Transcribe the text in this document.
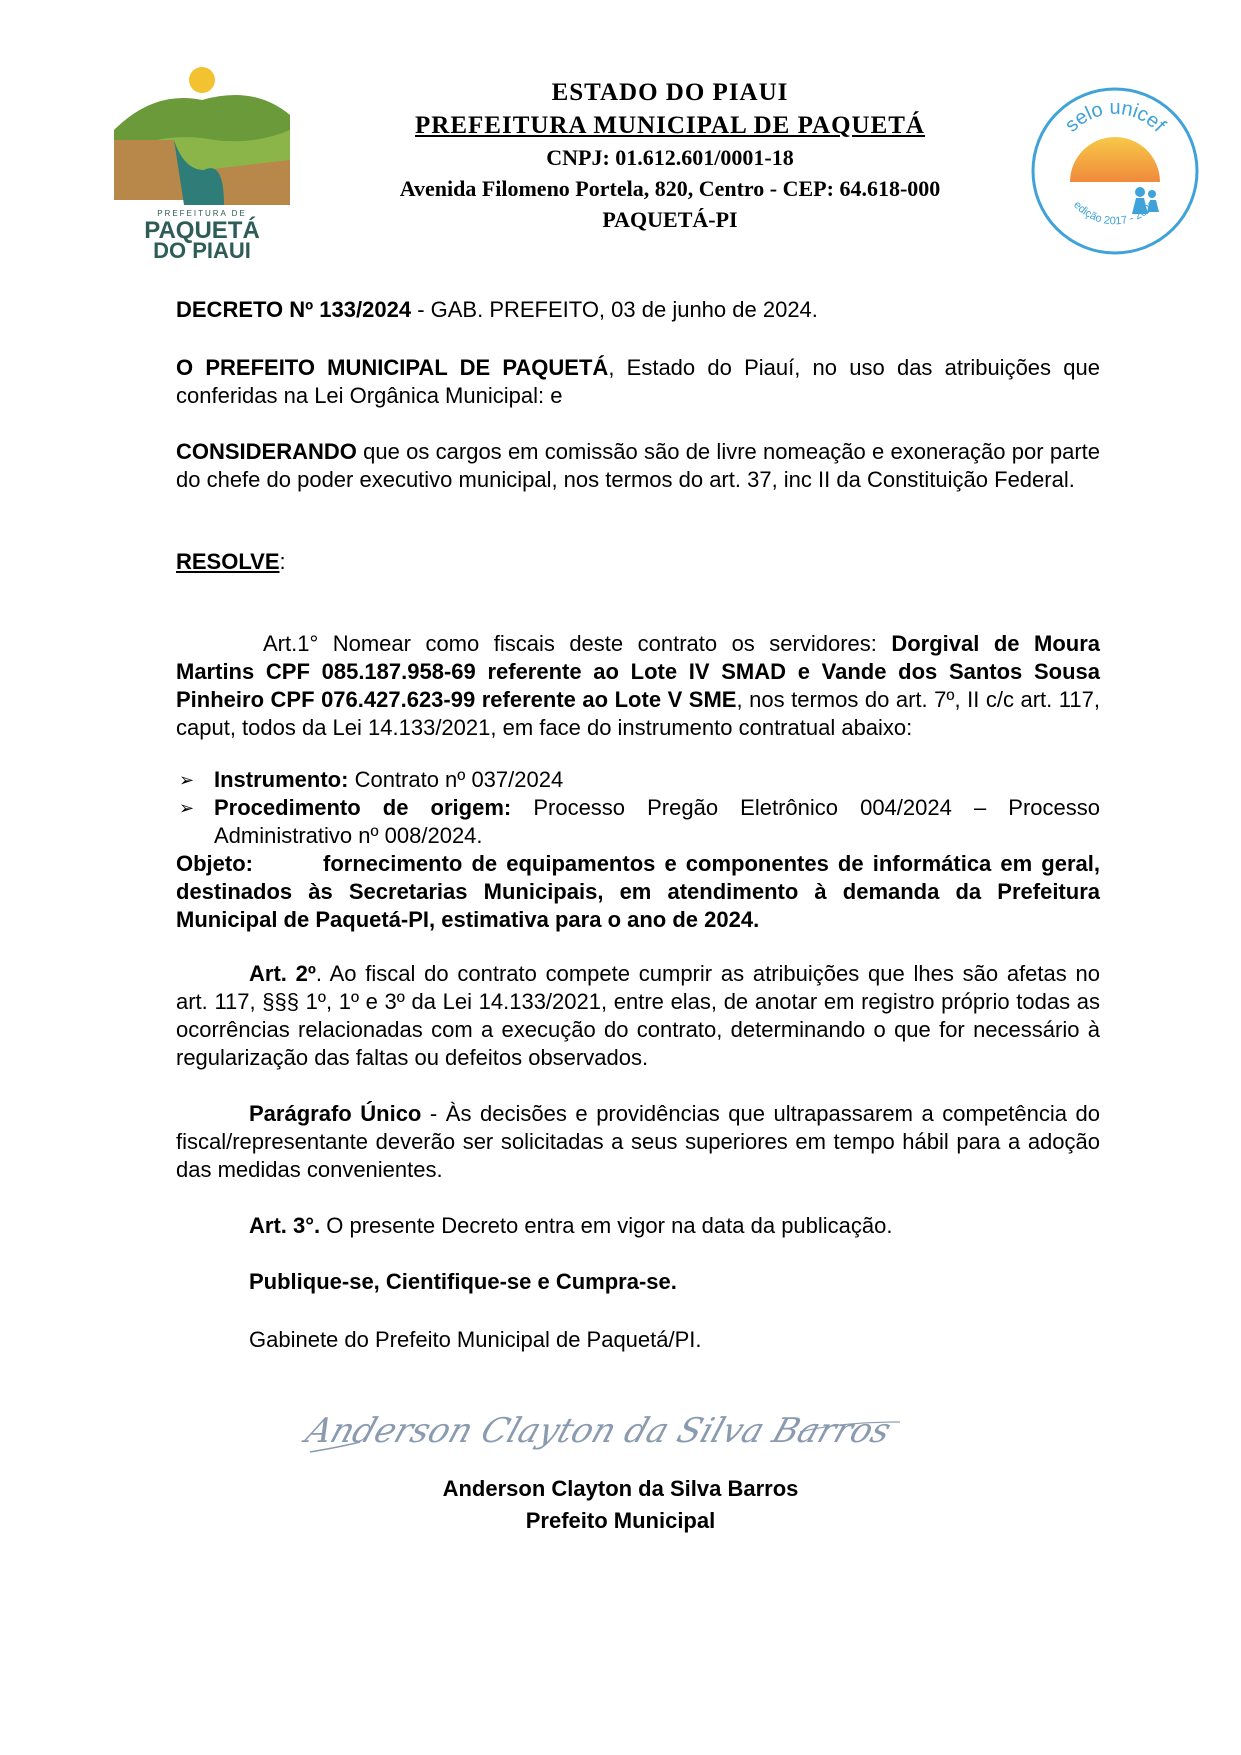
PREFEITURA DE
PAQUETÁ
DO PIAUI
ESTADO DO PIAUI
PREFEITURA MUNICIPAL DE PAQUETÁ
CNPJ: 01.612.601/0001-18
Avenida Filomeno Portela, 820, Centro - CEP: 64.618-000
PAQUETÁ-PI
selo unicef
edição 2017 - 2020
DECRETO Nº 133/2024 - GAB. PREFEITO, 03 de junho de 2024.
O PREFEITO MUNICIPAL DE PAQUETÁ, Estado do Piauí, no uso das atribuições que conferidas na Lei Orgânica Municipal: e
CONSIDERANDO que os cargos em comissão são de livre nomeação e exoneração por parte do chefe do poder executivo municipal, nos termos do art. 37, inc II da Constituição Federal.
RESOLVE:
Art.1° Nomear como fiscais deste contrato os servidores: Dorgival de Moura Martins CPF 085.187.958-69 referente ao Lote IV SMAD e Vande dos Santos Sousa Pinheiro CPF 076.427.623-99 referente ao Lote V SME, nos termos do art. 7º, II c/c art. 117, caput, todos da Lei 14.133/2021, em face do instrumento contratual abaixo:
➢ Instrumento: Contrato nº 037/2024
➢ Procedimento de origem: Processo Pregão Eletrônico 004/2024 – Processo Administrativo nº 008/2024.
Objeto:	fornecimento de equipamentos e componentes de informática em geral, destinados às Secretarias Municipais, em atendimento à demanda da Prefeitura Municipal de Paquetá-PI, estimativa para o ano de 2024.
Art. 2º. Ao fiscal do contrato compete cumprir as atribuições que lhes são afetas no art. 117, §§§ 1º, 1º e 3º da Lei 14.133/2021, entre elas, de anotar em registro próprio todas as ocorrências relacionadas com a execução do contrato, determinando o que for necessário à regularização das faltas ou defeitos observados.
Parágrafo Único - Às decisões e providências que ultrapassarem a competência do fiscal/representante deverão ser solicitadas a seus superiores em tempo hábil para a adoção das medidas convenientes.
Art. 3°. O presente Decreto entra em vigor na data da publicação.
Publique-se, Cientifique-se e Cumpra-se.
Gabinete do Prefeito Municipal de Paquetá/PI.
Anderson Clayton da Silva Barros
Anderson Clayton da Silva Barros
Prefeito Municipal
